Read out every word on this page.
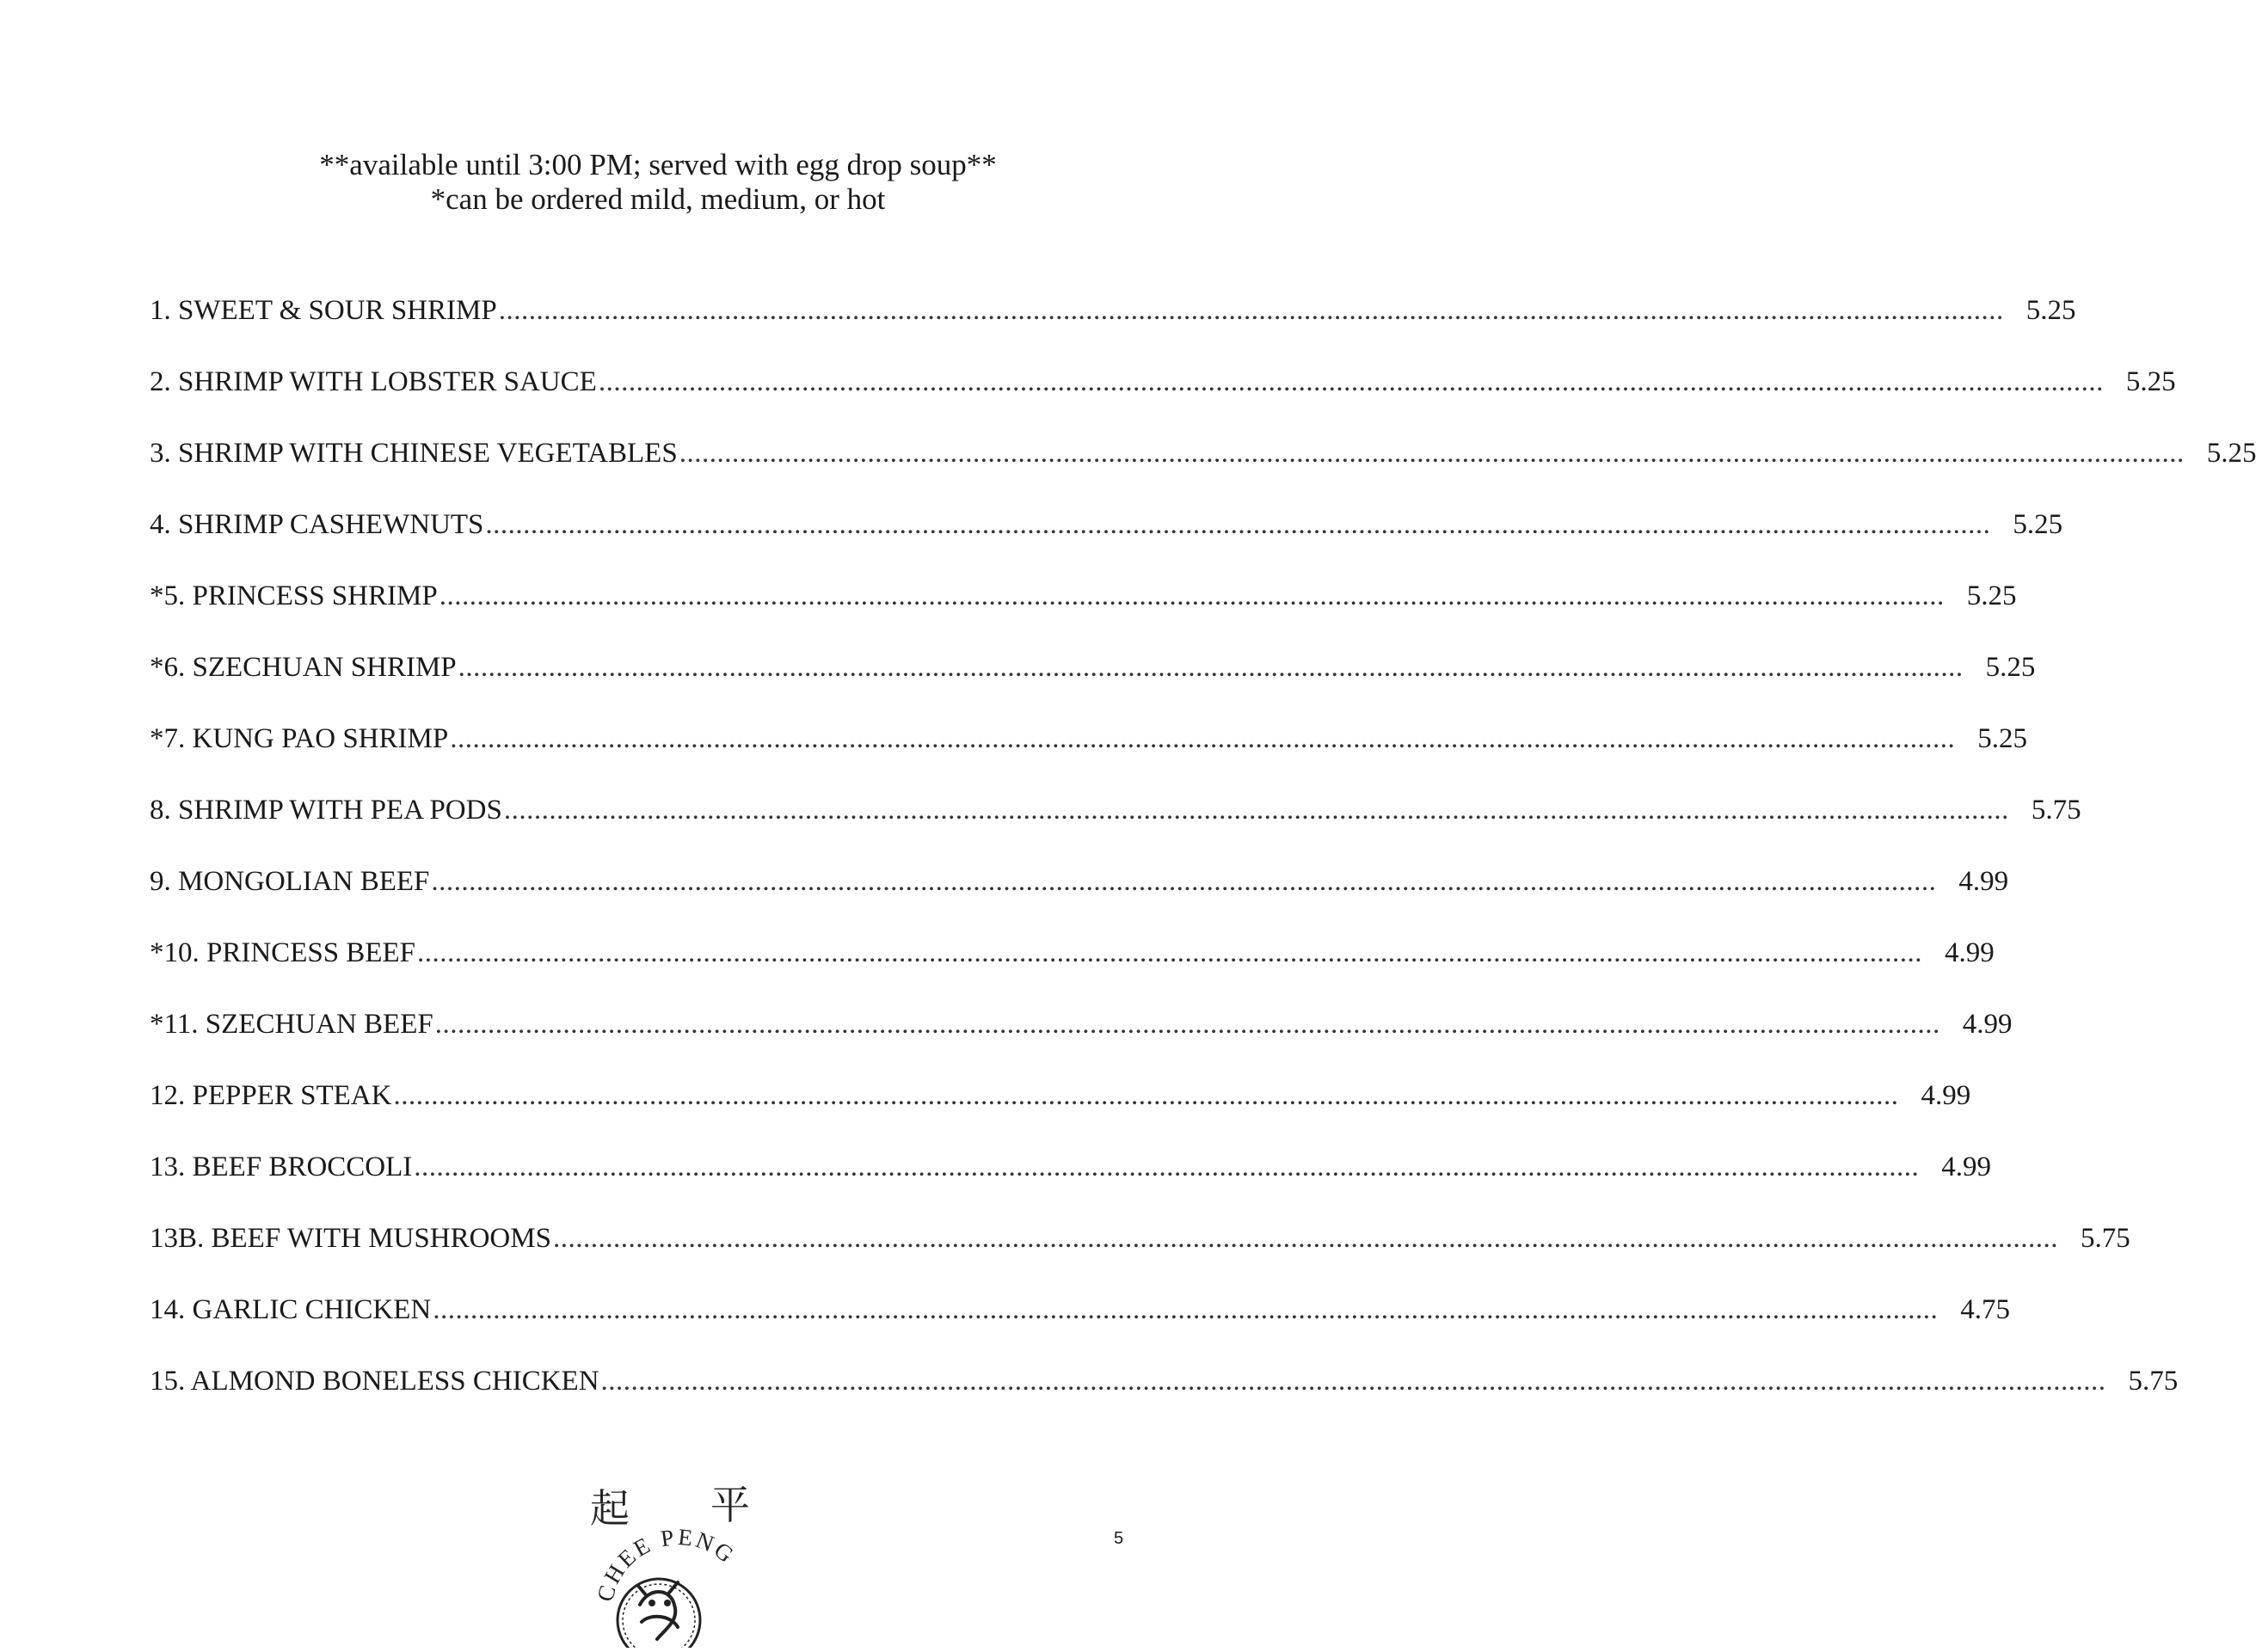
**available until 3:00 PM; served with egg drop soup**
*can be ordered mild, medium, or hot
1. SWEET & SOUR SHRIMP ........................................................................................................................................................................................................ 5.25
2. SHRIMP WITH LOBSTER SAUCE ........................................................................................................................................................................................................ 5.25
3. SHRIMP WITH CHINESE VEGETABLES ........................................................................................................................................................................................................ 5.25
4. SHRIMP CASHEWNUTS ........................................................................................................................................................................................................ 5.25
*5. PRINCESS SHRIMP ........................................................................................................................................................................................................ 5.25
*6. SZECHUAN SHRIMP ........................................................................................................................................................................................................ 5.25
*7. KUNG PAO SHRIMP ........................................................................................................................................................................................................ 5.25
8. SHRIMP WITH PEA PODS ........................................................................................................................................................................................................ 5.75
9. MONGOLIAN BEEF ........................................................................................................................................................................................................ 4.99
*10. PRINCESS BEEF ........................................................................................................................................................................................................ 4.99
*11. SZECHUAN BEEF ........................................................................................................................................................................................................ 4.99
12. PEPPER STEAK ........................................................................................................................................................................................................ 4.99
13. BEEF BROCCOLI ........................................................................................................................................................................................................ 4.99
13B. BEEF WITH MUSHROOMS ........................................................................................................................................................................................................ 5.75
14. GARLIC CHICKEN ........................................................................................................................................................................................................ 4.75
15. ALMOND BONELESS CHICKEN ........................................................................................................................................................................................................ 5.75
起 平
CHEE PENG	5
